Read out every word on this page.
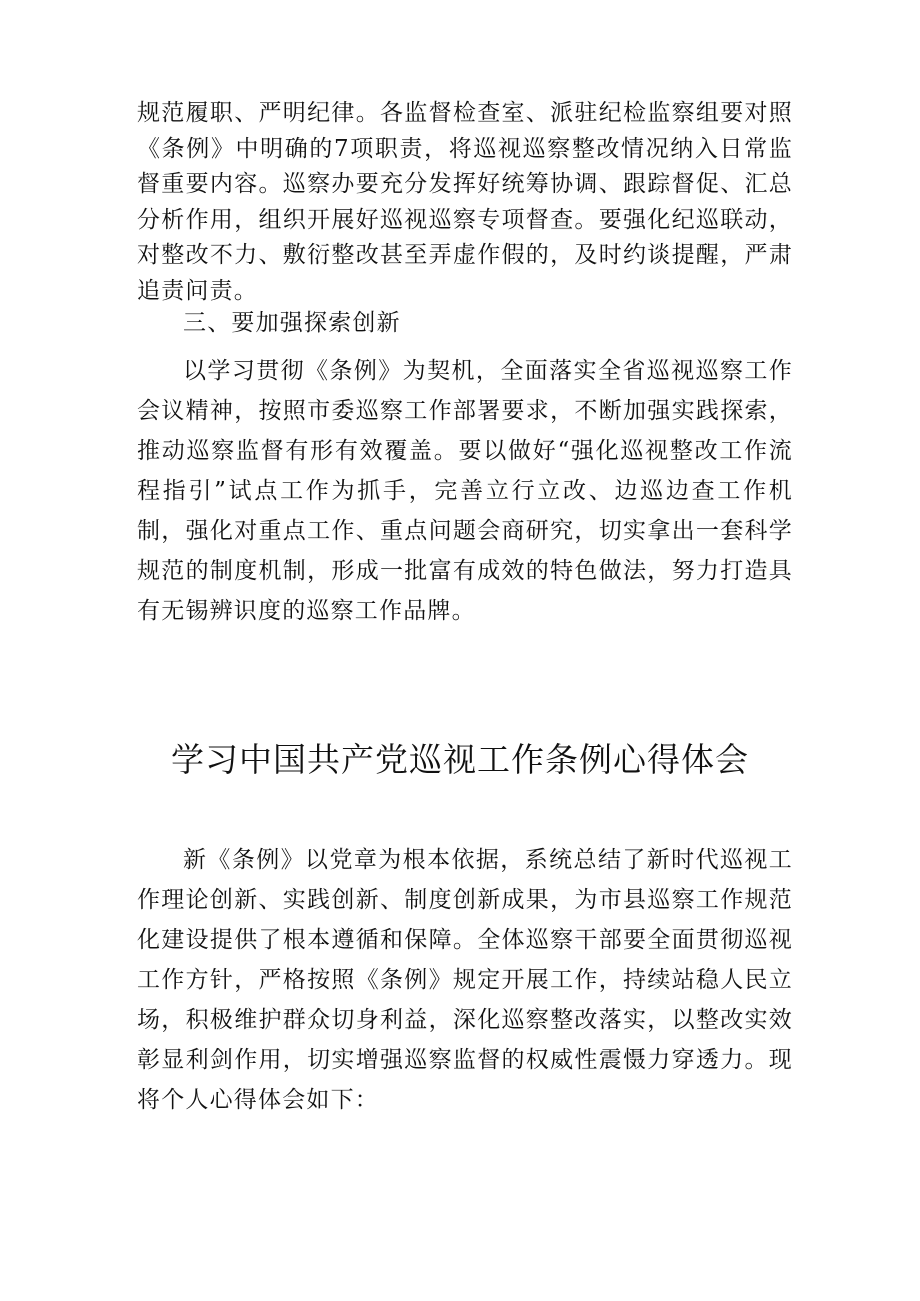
规范履职、严明纪律。各监督检查室、派驻纪检监察组要对照《条例》中明确的7项职责，将巡视巡察整改情况纳入日常监督重要内容。巡察办要充分发挥好统筹协调、跟踪督促、汇总分析作用，组织开展好巡视巡察专项督查。要强化纪巡联动，对整改不力、敷衍整改甚至弄虚作假的，及时约谈提醒，严肃追责问责。

三、要加强探索创新

以学习贯彻《条例》为契机，全面落实全省巡视巡察工作会议精神，按照市委巡察工作部署要求，不断加强实践探索，推动巡察监督有形有效覆盖。要以做好“强化巡视整改工作流程指引”试点工作为抓手，完善立行立改、边巡边查工作机制，强化对重点工作、重点问题会商研究，切实拿出一套科学规范的制度机制，形成一批富有成效的特色做法，努力打造具有无锡辨识度的巡察工作品牌。

学习中国共产党巡视工作条例心得体会

新《条例》以党章为根本依据，系统总结了新时代巡视工作理论创新、实践创新、制度创新成果，为市县巡察工作规范化建设提供了根本遵循和保障。全体巡察干部要全面贯彻巡视工作方针，严格按照《条例》规定开展工作，持续站稳人民立场，积极维护群众切身利益，深化巡察整改落实，以整改实效彰显利剑作用，切实增强巡察监督的权威性震慑力穿透力。现将个人心得体会如下：
